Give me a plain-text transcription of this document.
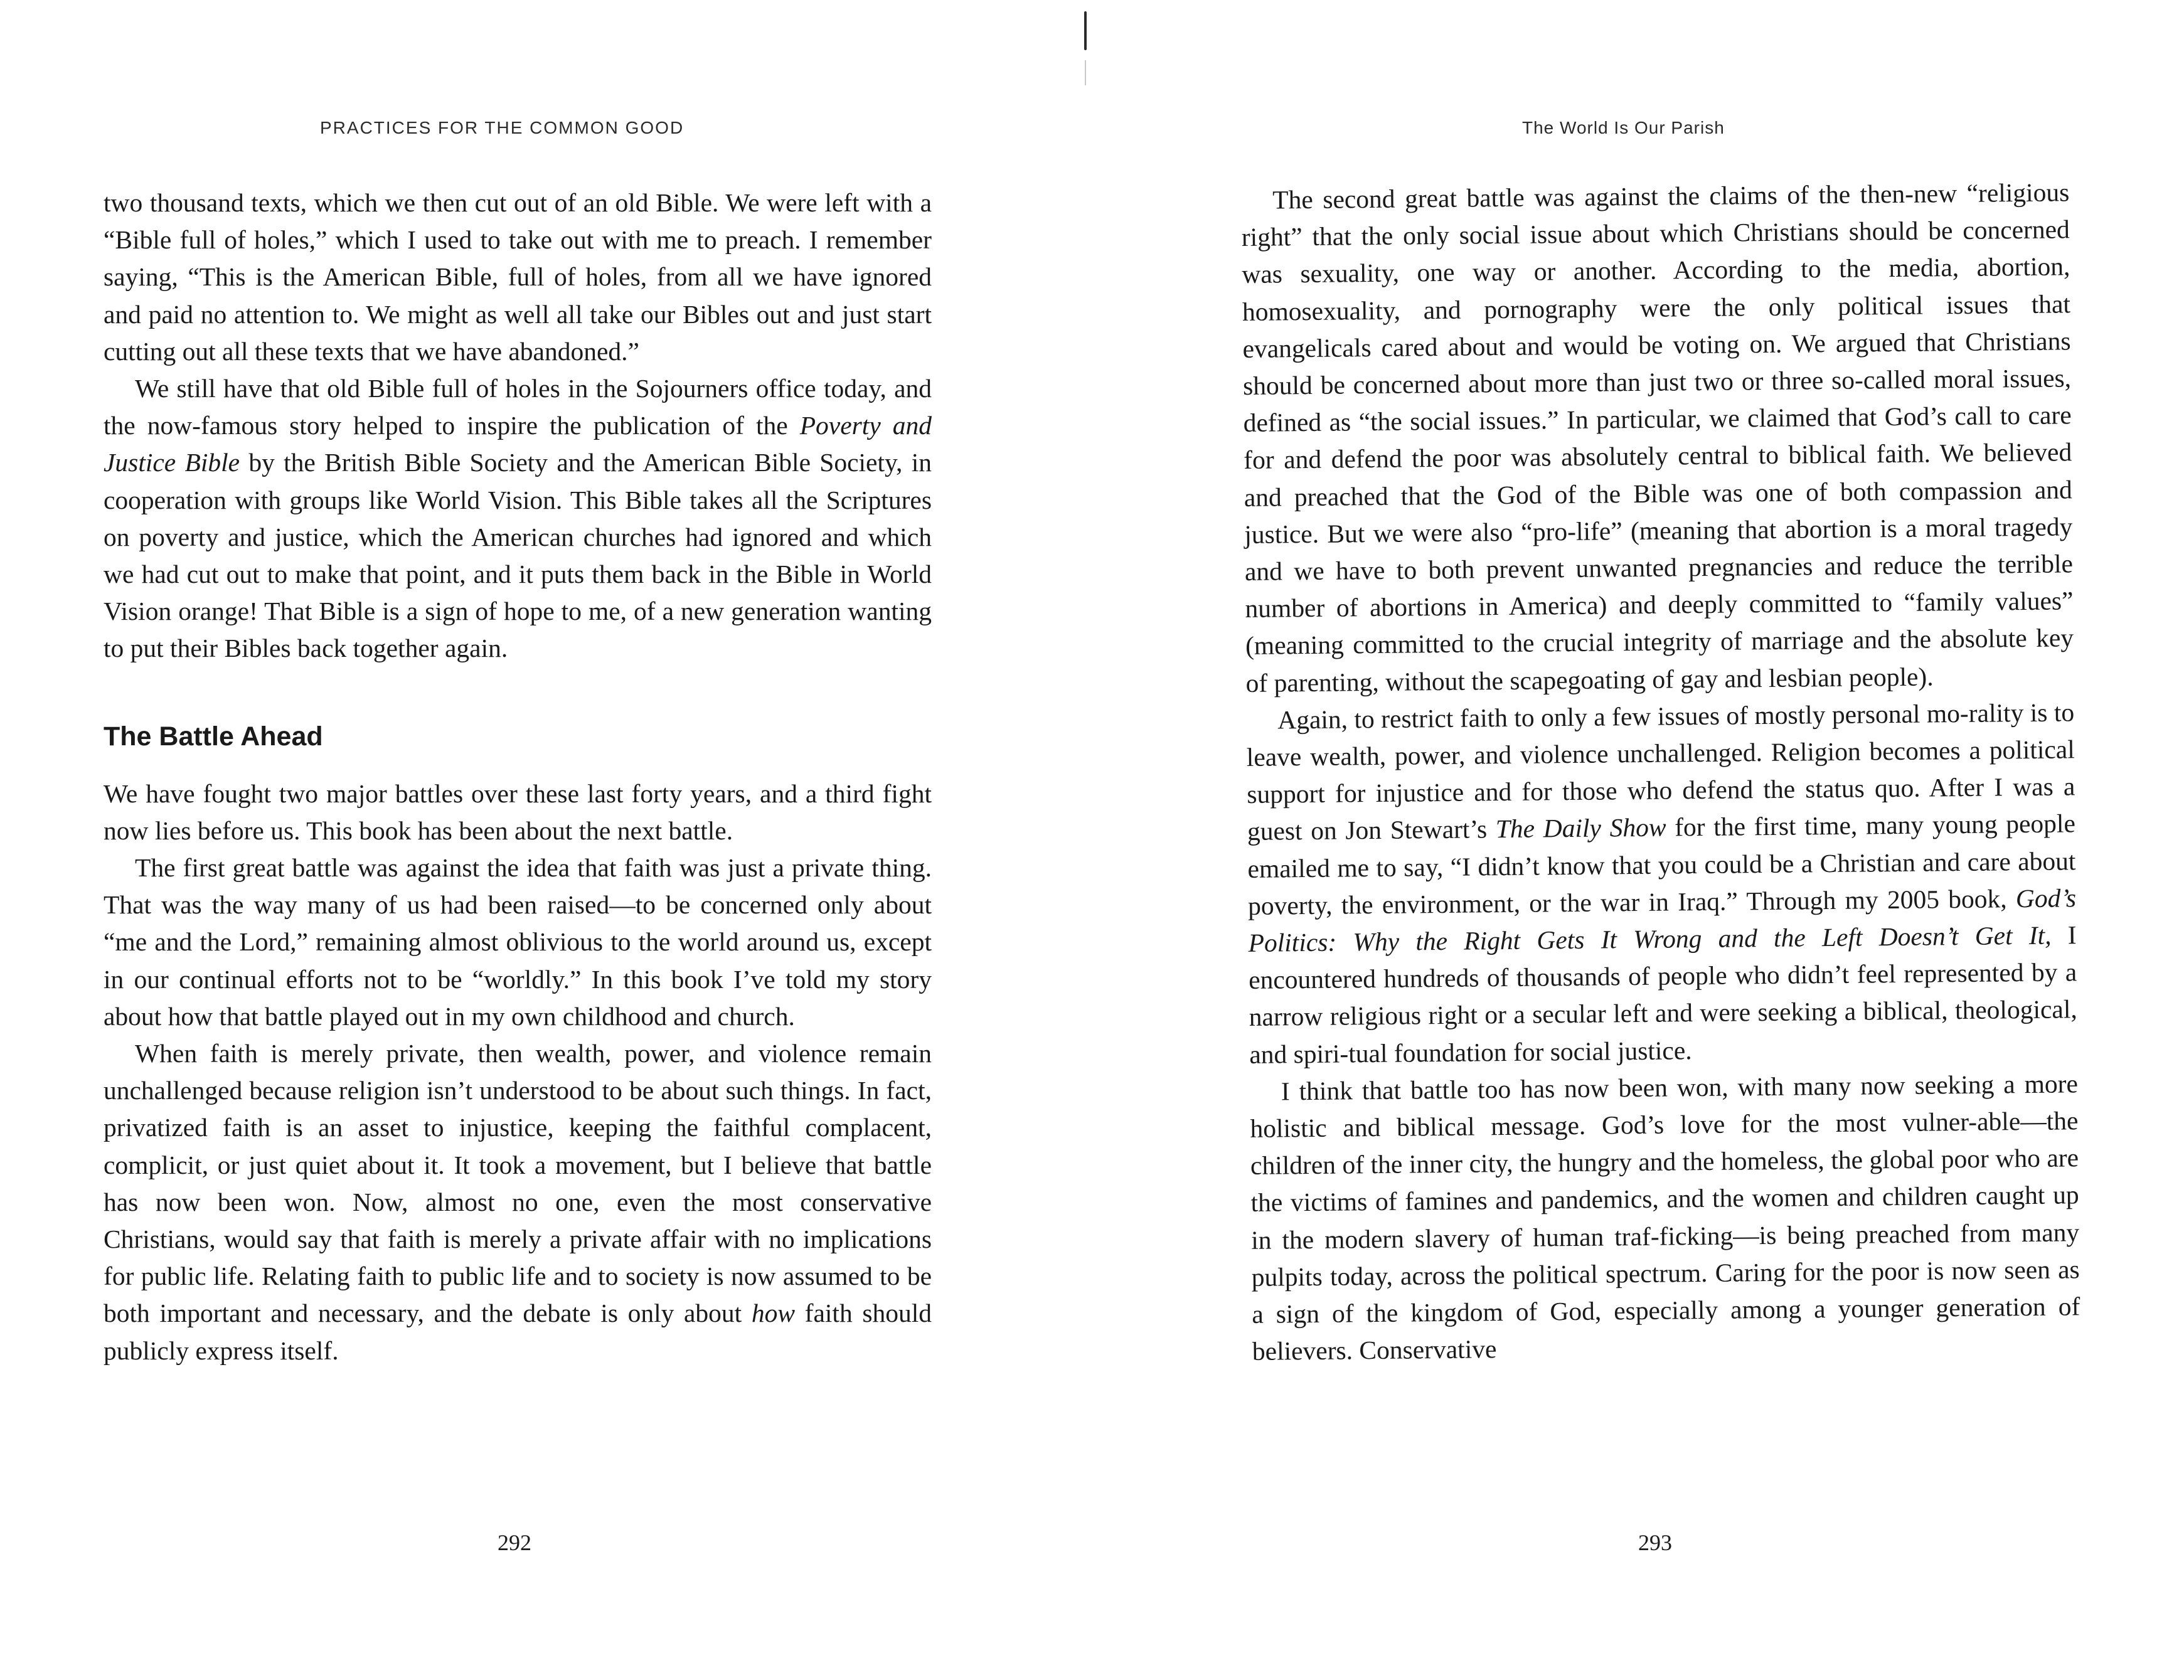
PRACTICES FOR THE COMMON GOOD

two thousand texts, which we then cut out of an old Bible. We were left with a “Bible full of holes,” which I used to take out with me to preach. I remember saying, “This is the American Bible, full of holes, from all we have ignored and paid no attention to. We might as well all take our Bibles out and just start cutting out all these texts that we have abandoned.”

We still have that old Bible full of holes in the Sojourners office today, and the now-famous story helped to inspire the publication of the Poverty and Justice Bible by the British Bible Society and the American Bible Society, in cooperation with groups like World Vision. This Bible takes all the Scriptures on poverty and justice, which the American churches had ignored and which we had cut out to make that point, and it puts them back in the Bible in World Vision orange! That Bible is a sign of hope to me, of a new generation wanting to put their Bibles back together again.

The Battle Ahead

We have fought two major battles over these last forty years, and a third fight now lies before us. This book has been about the next battle.

The first great battle was against the idea that faith was just a private thing. That was the way many of us had been raised—to be concerned only about “me and the Lord,” remaining almost oblivious to the world around us, except in our continual efforts not to be “worldly.” In this book I’ve told my story about how that battle played out in my own childhood and church.

When faith is merely private, then wealth, power, and violence remain unchallenged because religion isn’t understood to be about such things. In fact, privatized faith is an asset to injustice, keeping the faithful complacent, complicit, or just quiet about it. It took a movement, but I believe that battle has now been won. Now, almost no one, even the most conservative Christians, would say that faith is merely a private affair with no implications for public life. Relating faith to public life and to society is now assumed to be both important and necessary, and the debate is only about how faith should publicly express itself.

292
The World Is Our Parish

The second great battle was against the claims of the then-new “religious right” that the only social issue about which Christians should be concerned was sexuality, one way or another. According to the media, abortion, homosexuality, and pornography were the only political issues that evangelicals cared about and would be voting on. We argued that Christians should be concerned about more than just two or three so-called moral issues, defined as “the social issues.” In particular, we claimed that God’s call to care for and defend the poor was absolutely central to biblical faith. We believed and preached that the God of the Bible was one of both compassion and justice. But we were also “pro-life” (meaning that abortion is a moral tragedy and we have to both prevent unwanted pregnancies and reduce the terrible number of abortions in America) and deeply committed to “family values” (meaning committed to the crucial integrity of marriage and the absolute key of parenting, without the scapegoating of gay and lesbian people).

Again, to restrict faith to only a few issues of mostly personal mo-rality is to leave wealth, power, and violence unchallenged. Religion becomes a political support for injustice and for those who defend the status quo. After I was a guest on Jon Stewart’s The Daily Show for the first time, many young people emailed me to say, “I didn’t know that you could be a Christian and care about poverty, the environment, or the war in Iraq.” Through my 2005 book, God’s Politics: Why the Right Gets It Wrong and the Left Doesn’t Get It, I encountered hundreds of thousands of people who didn’t feel represented by a narrow religious right or a secular left and were seeking a biblical, theological, and spiri-tual foundation for social justice.

I think that battle too has now been won, with many now seeking a more holistic and biblical message. God’s love for the most vulner-able—the children of the inner city, the hungry and the homeless, the global poor who are the victims of famines and pandemics, and the women and children caught up in the modern slavery of human traf-ficking—is being preached from many pulpits today, across the political spectrum. Caring for the poor is now seen as a sign of the kingdom of God, especially among a younger generation of believers. Conservative

293
